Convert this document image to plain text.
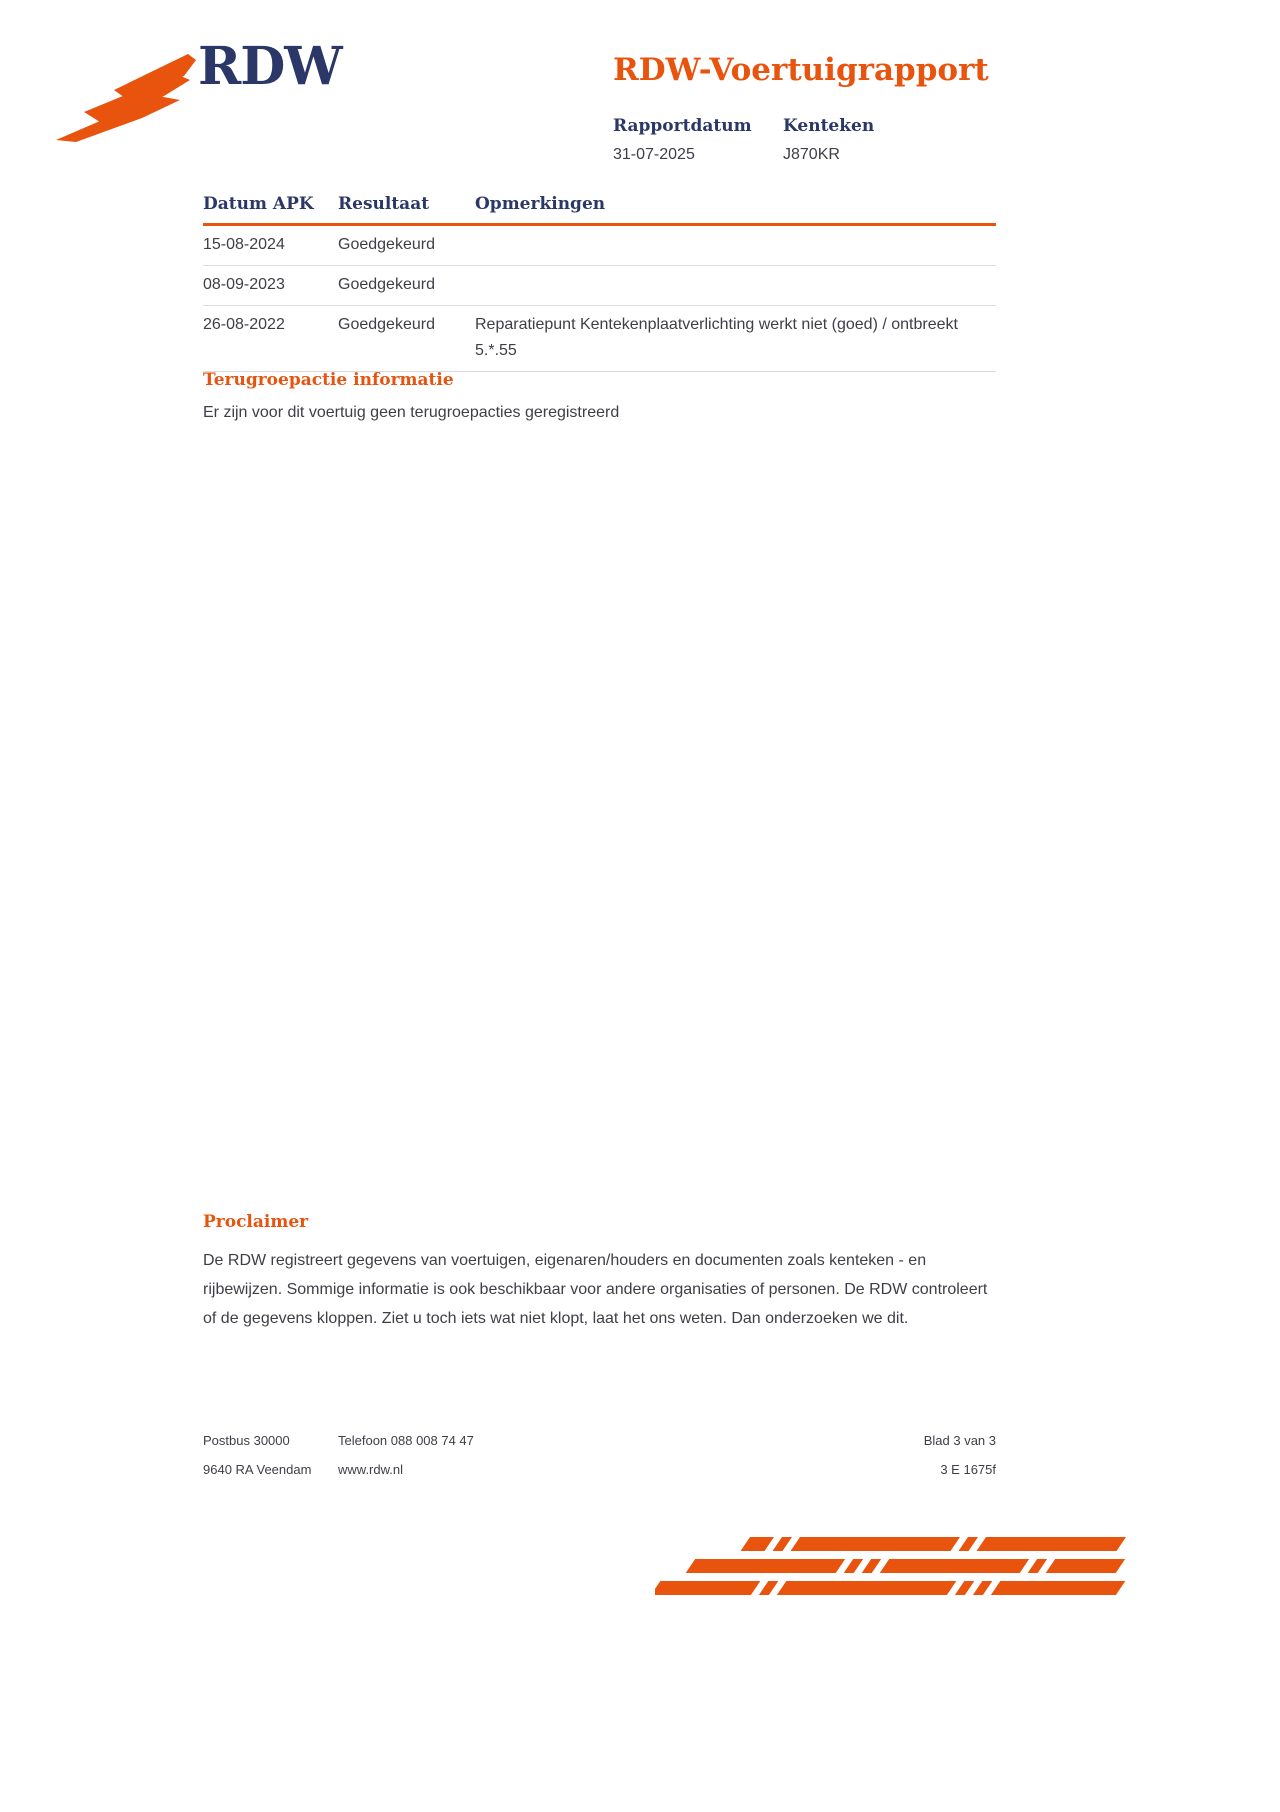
RDW	RDW-Voertuigrapport
Rapportdatum
31-07-2025
Kenteken
J870KR
Datum APK	Resultaat	Opmerkingen
15-08-2024	Goedgekeurd	
08-09-2023	Goedgekeurd	
26-08-2022	Goedgekeurd	Reparatiepunt Kentekenplaatverlichting werkt niet (goed) / ontbreekt 5.*.55
Terugroepactie informatie
Er zijn voor dit voertuig geen terugroepacties geregistreerd
Proclaimer
De RDW registreert gegevens van voertuigen, eigenaren/houders en documenten zoals kenteken - en rijbewijzen. Sommige informatie is ook beschikbaar voor andere organisaties of personen. De RDW controleert of de gegevens kloppen. Ziet u toch iets wat niet klopt, laat het ons weten. Dan onderzoeken we dit.
Postbus 30000
9640 RA Veendam
Telefoon 088 008 74 47
www.rdw.nl
Blad 3 van 3
3 E 1675f
